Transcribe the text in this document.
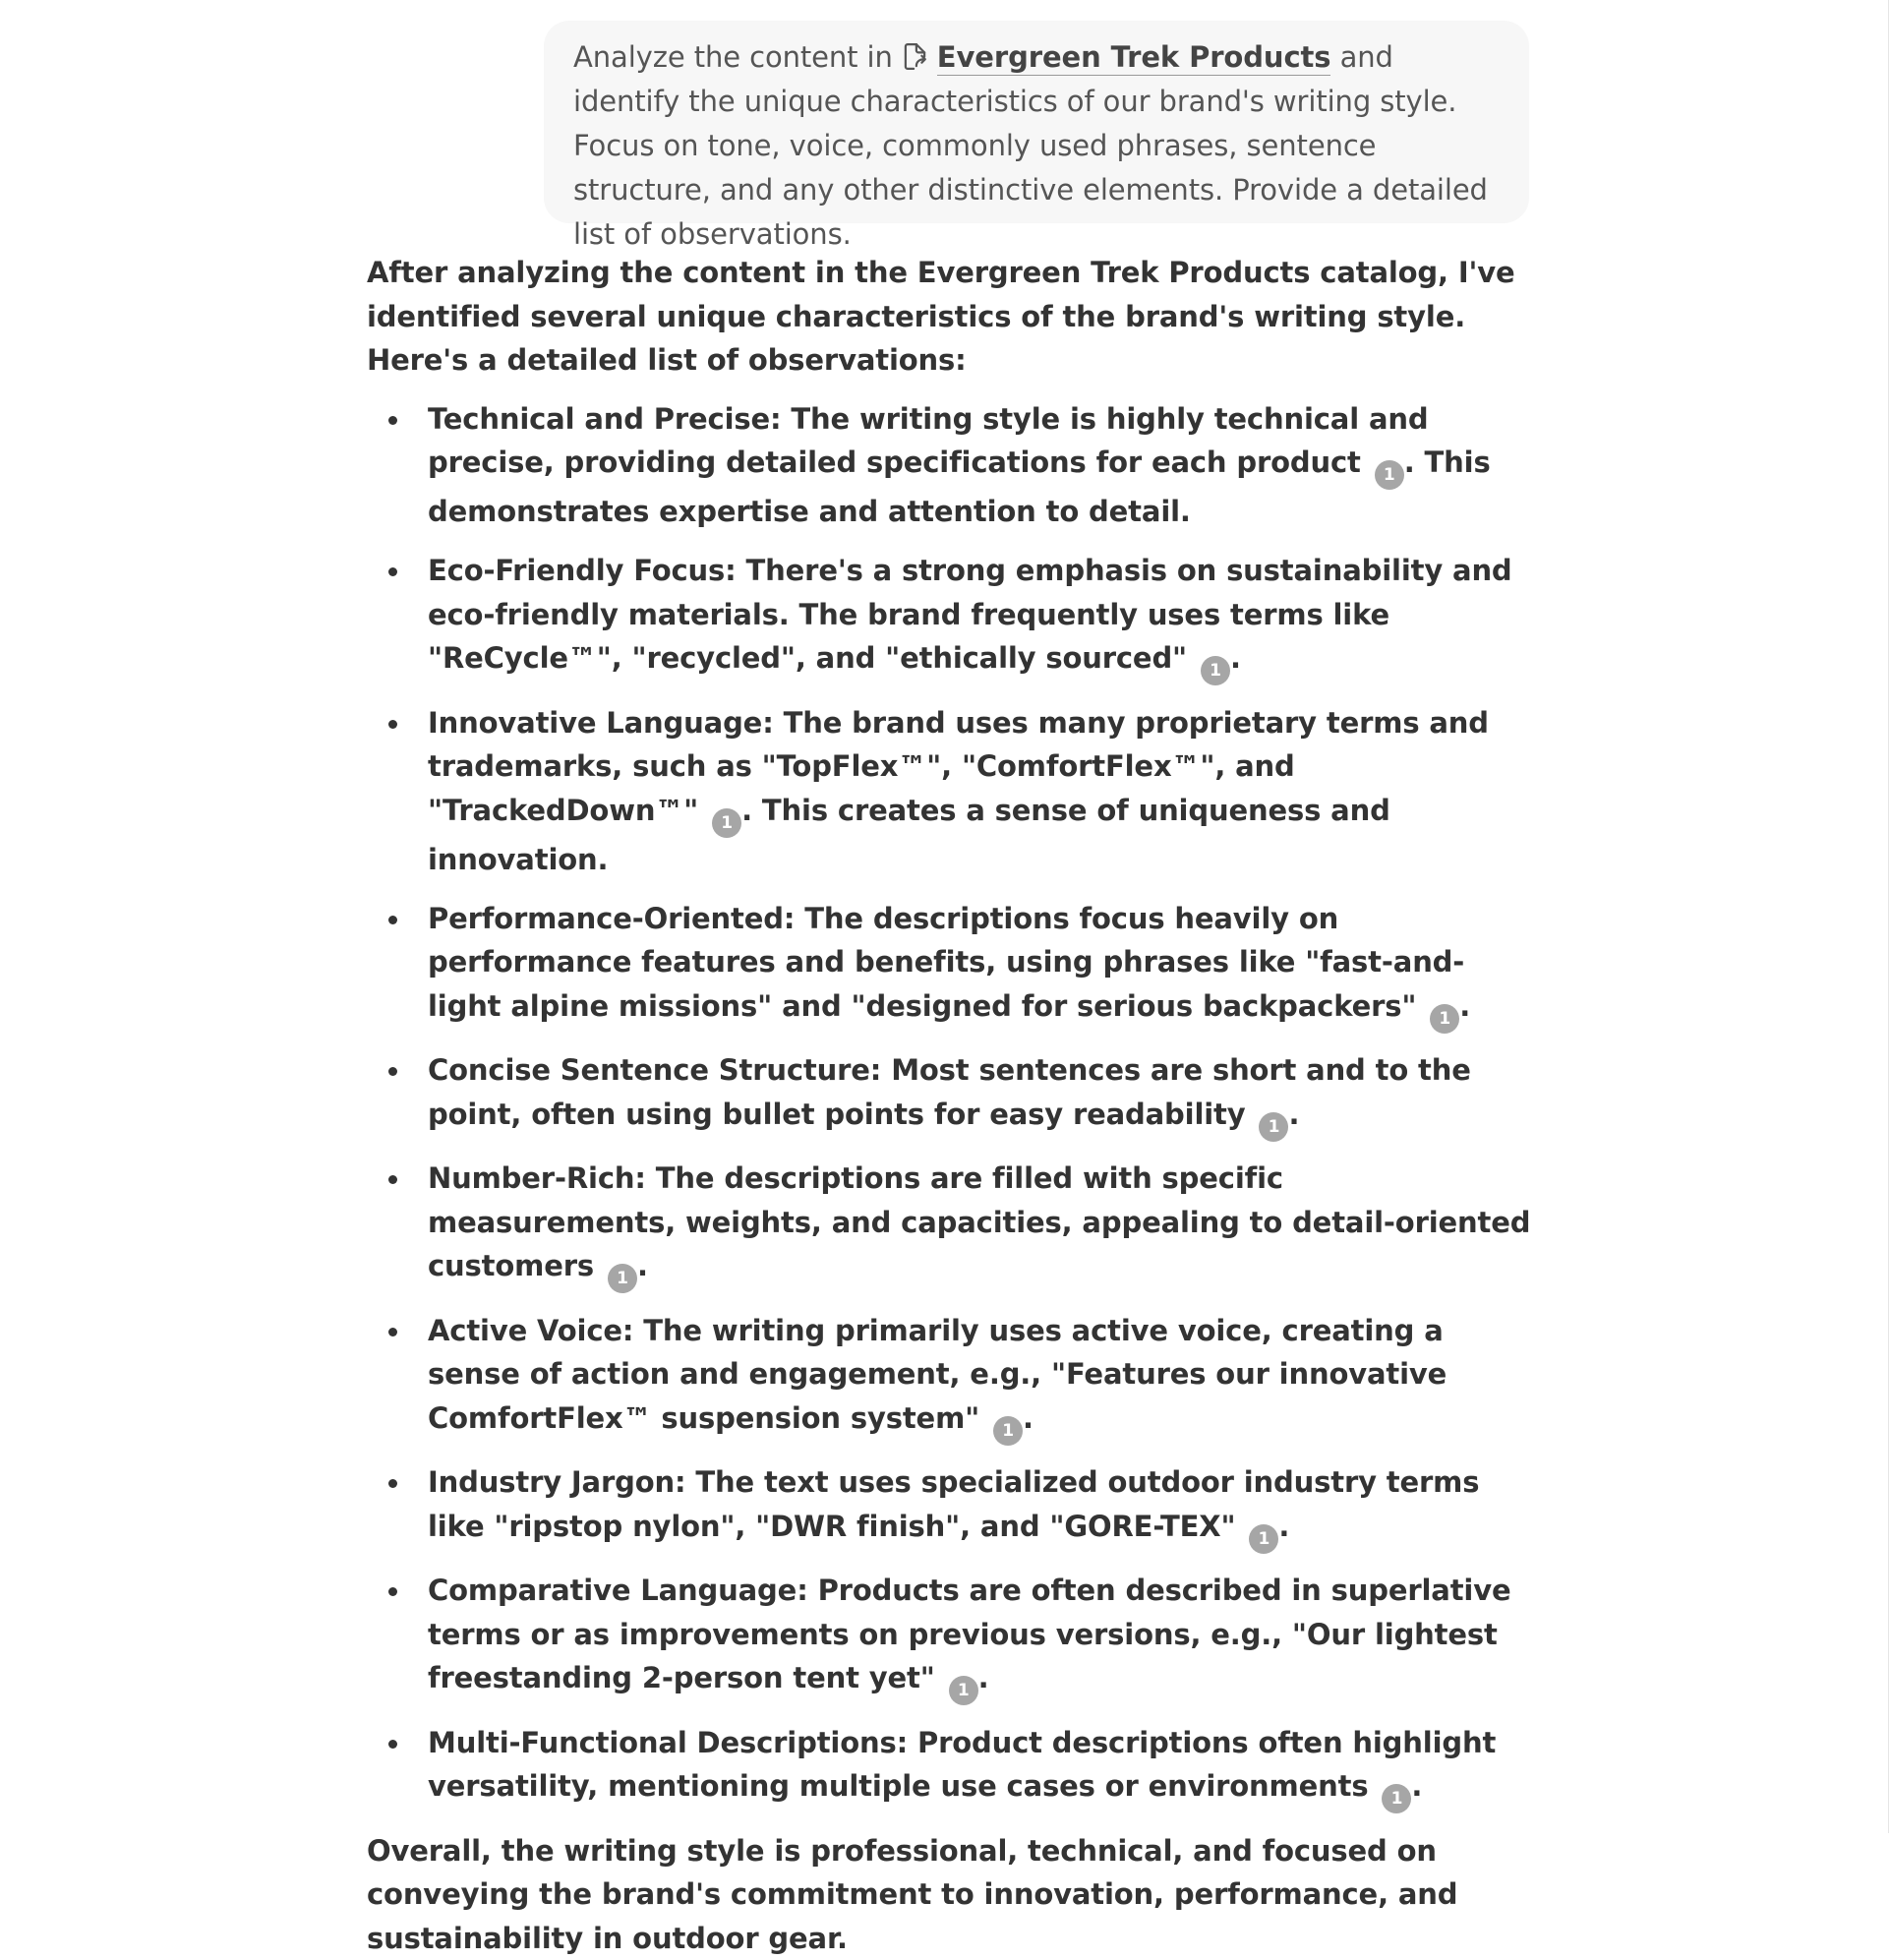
Analyze the content in Evergreen Trek Products and identify the unique characteristics of our brand's writing style. Focus on tone, voice, commonly used phrases, sentence structure, and any other distinctive elements. Provide a detailed list of observations.

After analyzing the content in the Evergreen Trek Products catalog, I've identified several unique characteristics of the brand's writing style. Here's a detailed list of observations:

Technical and Precise: The writing style is highly technical and precise, providing detailed specifications for each product 1 . This demonstrates expertise and attention to detail.
Eco-Friendly Focus: There's a strong emphasis on sustainability and eco-friendly materials. The brand frequently uses terms like "ReCycle™", "recycled", and "ethically sourced" 1 .
Innovative Language: The brand uses many proprietary terms and trademarks, such as "TopFlex™", "ComfortFlex™", and "TrackedDown™" 1 . This creates a sense of uniqueness and innovation.
Performance-Oriented: The descriptions focus heavily on performance features and benefits, using phrases like "fast-and-light alpine missions" and "designed for serious backpackers" 1 .
Concise Sentence Structure: Most sentences are short and to the point, often using bullet points for easy readability 1 .
Number-Rich: The descriptions are filled with specific measurements, weights, and capacities, appealing to detail-oriented customers 1 .
Active Voice: The writing primarily uses active voice, creating a sense of action and engagement, e.g., "Features our innovative ComfortFlex™ suspension system" 1 .
Industry Jargon: The text uses specialized outdoor industry terms like "ripstop nylon", "DWR finish", and "GORE-TEX" 1 .
Comparative Language: Products are often described in superlative terms or as improvements on previous versions, e.g., "Our lightest freestanding 2-person tent yet" 1 .
Multi-Functional Descriptions: Product descriptions often highlight versatility, mentioning multiple use cases or environments 1 .

Overall, the writing style is professional, technical, and focused on conveying the brand's commitment to innovation, performance, and sustainability in outdoor gear.
